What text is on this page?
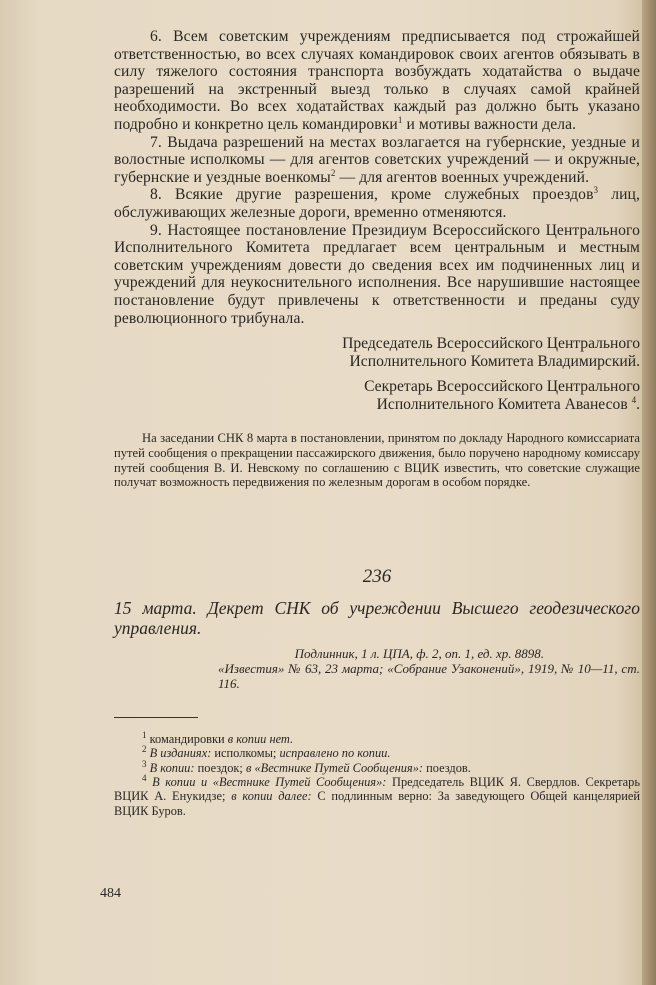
6. Всем советским учреждениям предписывается под строжайшей ответственностью, во всех случаях командировок своих агентов обязывать в силу тяжелого состояния транспорта возбуждать ходатайства о выдаче разрешений на экстренный выезд только в случаях самой крайней необходимости. Во всех ходатайствах каждый раз должно быть указано подробно и конкретно цель командировки$^1$ и мотивы важности дела.

7. Выдача разрешений на местах возлагается на губернские, уездные и волостные исполкомы — для агентов советских учреждений — и окружные, губернские и уездные военкомы$^2$ — для агентов военных учреждений.

8. Всякие другие разрешения, кроме служебных проездов$^3$ лиц, обслуживающих железные дороги, временно отменяются.

9. Настоящее постановление Президиум Всероссийского Центрального Исполнительного Комитета предлагает всем центральным и местным советским учреждениям довести до сведения всех им подчиненных лиц и учреждений для неукоснительного исполнения. Все нарушившие настоящее постановление будут привлечены к ответственности и преданы суду революционного трибунала.

Председатель Всероссийского Центрального

Исполнительного Комитета Владимирский.

Секретарь Всероссийского Центрального

Исполнительного Комитета Аванесов $^4$.

На заседании СНК 8 марта в постановлении, принятом по докладу Народного комиссариата путей сообщения о прекращении пассажирского движения, было поручено народному комиссару путей сообщения В. И. Невскому по соглашению с ВЦИК известить, что советские служащие получат возможность передвижения по железным дорогам в особом порядке.

236

15 марта. Декрет СНК об учреждении Высшего геодезического управления.

Подлинник, 1 л. ЦПА, ф. 2, оп. 1, ед. хр. 8898.
«Известия» № 63, 23 марта; «Собрание Узаконений», 1919, № 10—11, ст. 116.

$^1$ командировки в копии нет.

$^2$ В изданиях: исполкомы; исправлено по копии.

$^3$ В копии: поездок; в «Вестнике Путей Сообщения»: поездов.

$^4$ В копии и «Вестнике Путей Сообщения»: Председатель ВЦИК Я. Свердлов. Секретарь ВЦИК А. Енукидзе; в копии далее: С подлинным верно: За заведующего Общей канцелярией ВЦИК Буров.

484
